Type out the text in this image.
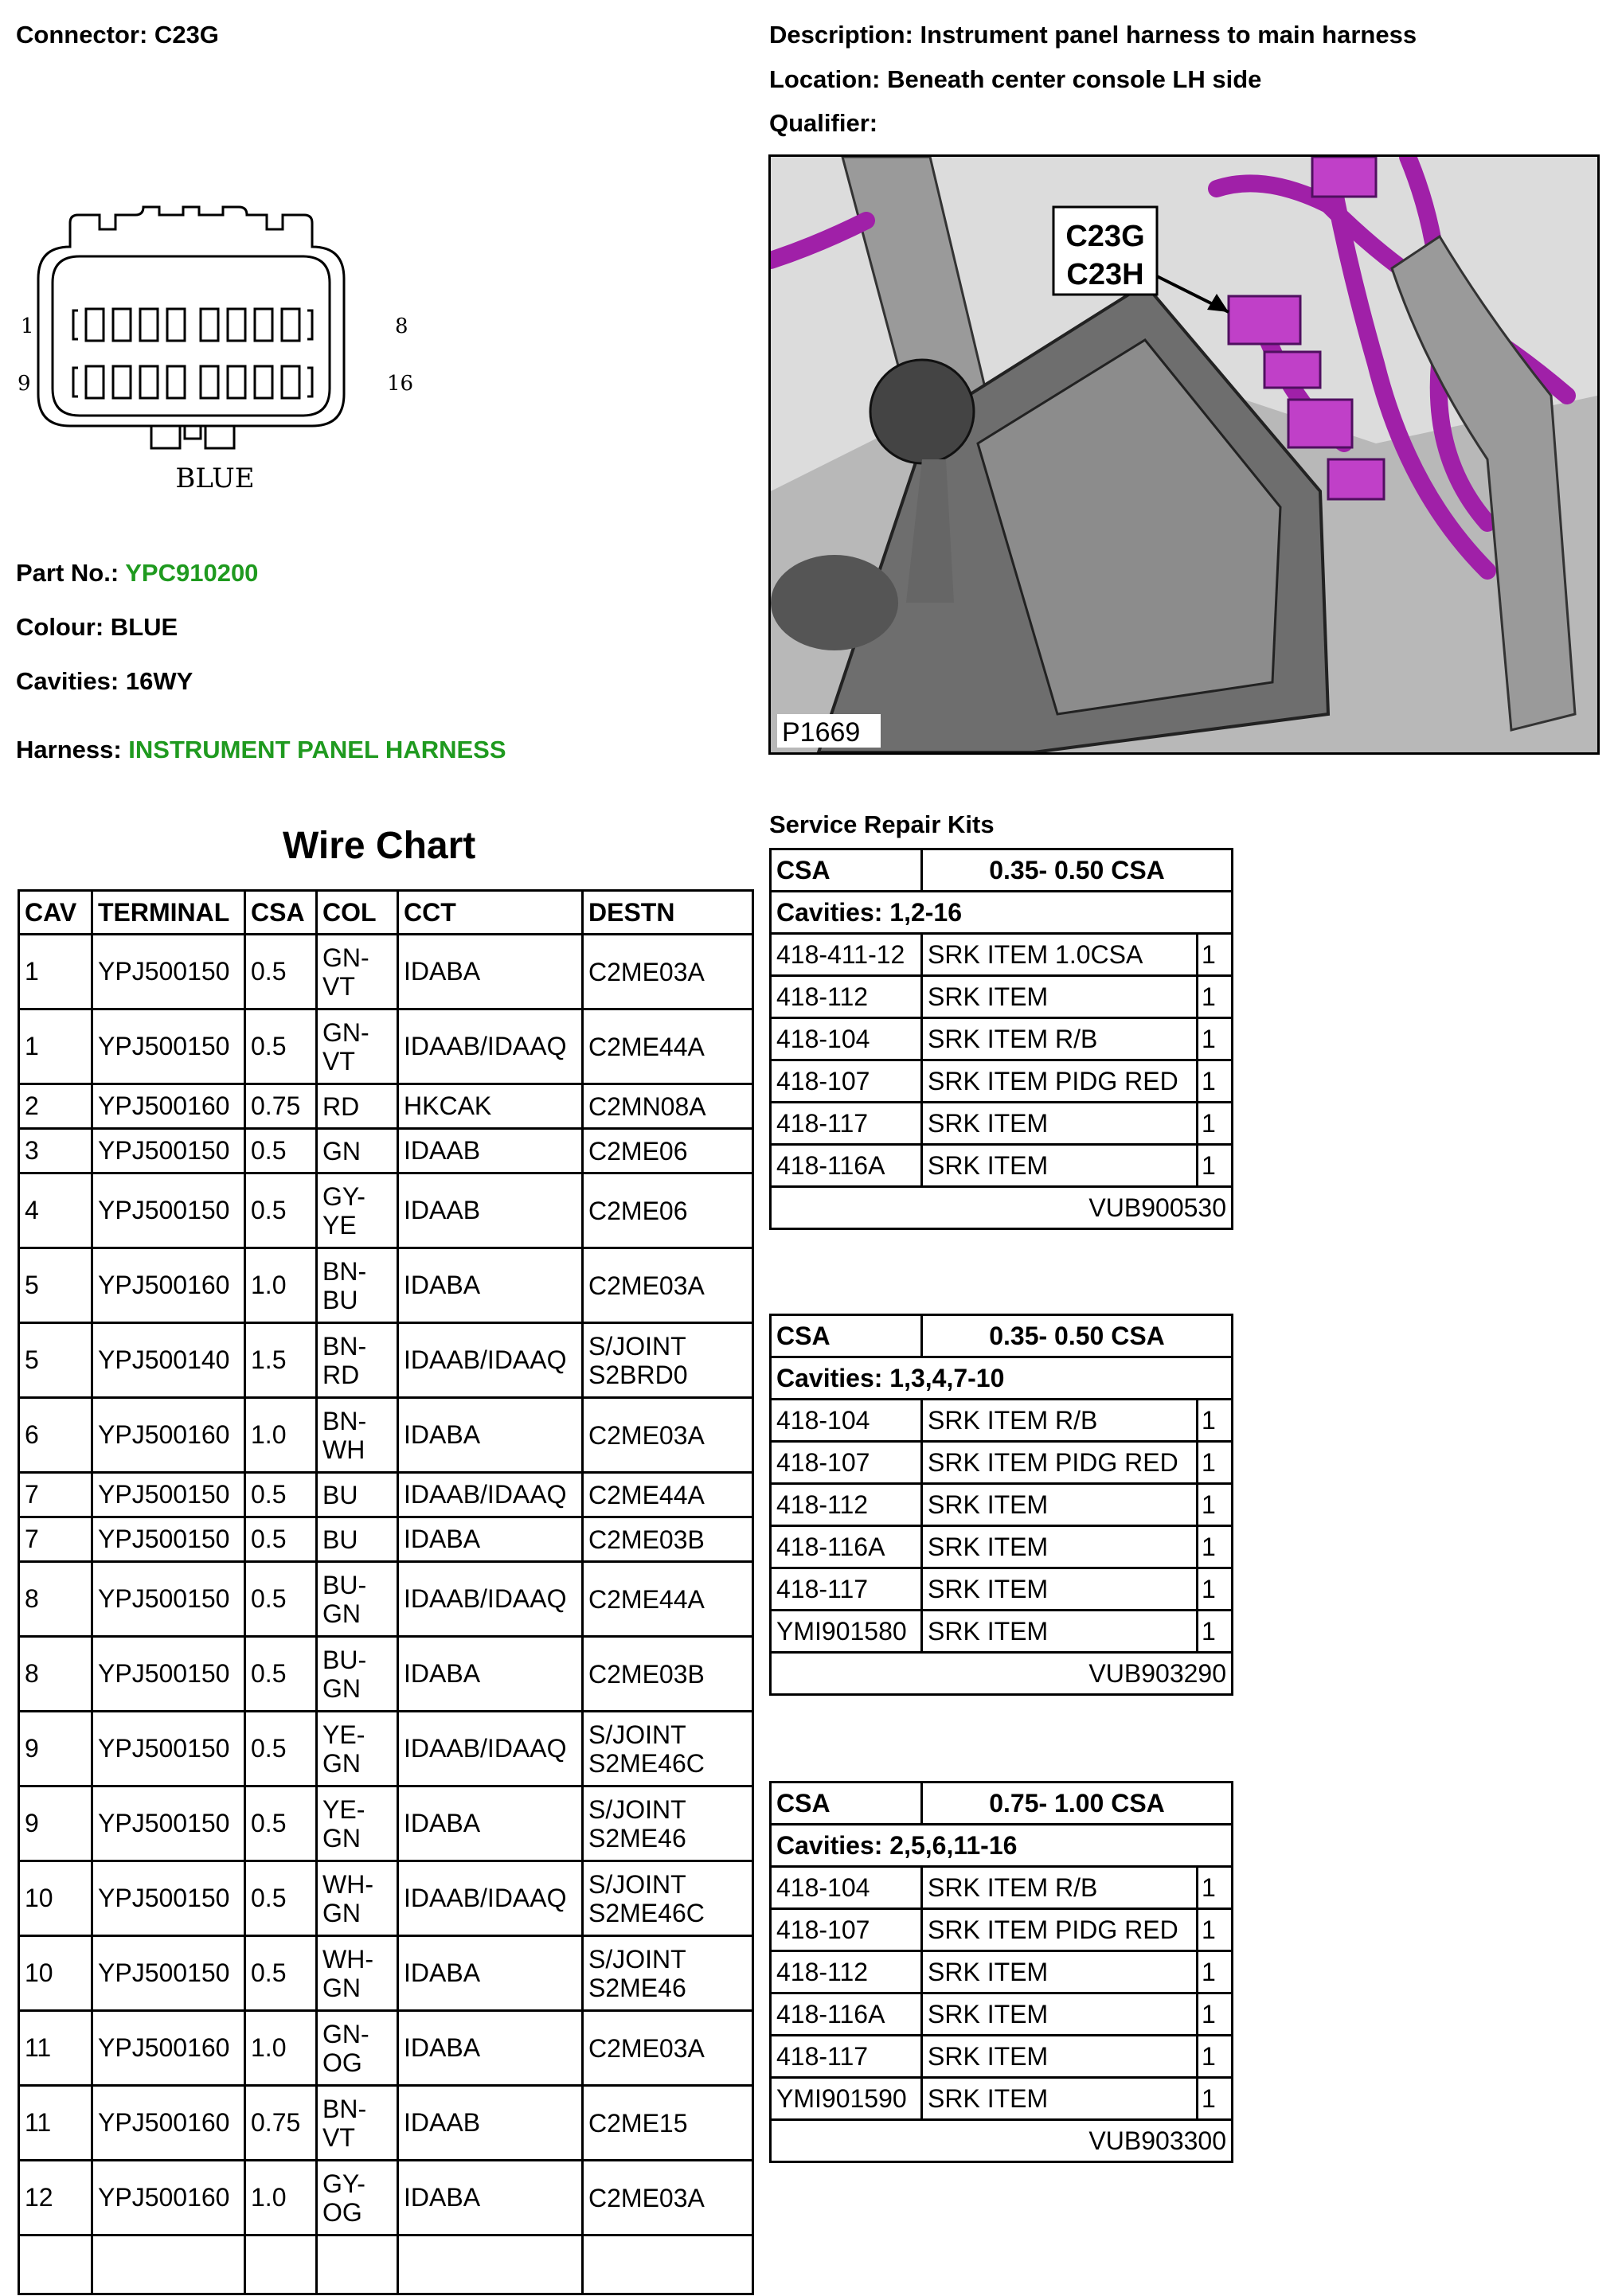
Connector: C23G	Description: Instrument panel harness to main harness
Location: Beneath center console LH side
Qualifier:
1
9
8
16
BLUE
Part No.: YPC910200
Colour: BLUE
Cavities: 16WY
Harness: INSTRUMENT PANEL HARNESS
C23G
C23H
P1669
Wire Chart
CAV	TERMINAL	CSA	COL	CCT	DESTN
1	YPJ500150	0.5	GN-VT	IDABA	C2ME03A
1	YPJ500150	0.5	GN-VT	IDAAB/IDAAQ	C2ME44A
2	YPJ500160	0.75	RD	HKCAK	C2MN08A
3	YPJ500150	0.5	GN	IDAAB	C2ME06
4	YPJ500150	0.5	GY-YE	IDAAB	C2ME06
5	YPJ500160	1.0	BN-BU	IDABA	C2ME03A
5	YPJ500140	1.5	BN-RD	IDAAB/IDAAQ	S/JOINT S2BRD0
6	YPJ500160	1.0	BN-WH	IDABA	C2ME03A
7	YPJ500150	0.5	BU	IDAAB/IDAAQ	C2ME44A
7	YPJ500150	0.5	BU	IDABA	C2ME03B
8	YPJ500150	0.5	BU-GN	IDAAB/IDAAQ	C2ME44A
8	YPJ500150	0.5	BU-GN	IDABA	C2ME03B
9	YPJ500150	0.5	YE-GN	IDAAB/IDAAQ	S/JOINT S2ME46C
9	YPJ500150	0.5	YE-GN	IDABA	S/JOINT S2ME46
10	YPJ500150	0.5	WH-GN	IDAAB/IDAAQ	S/JOINT S2ME46C
10	YPJ500150	0.5	WH-GN	IDABA	S/JOINT S2ME46
11	YPJ500160	1.0	GN-OG	IDABA	C2ME03A
11	YPJ500160	0.75	BN-VT	IDAAB	C2ME15
12	YPJ500160	1.0	GY-OG	IDABA	C2ME03A

Service Repair Kits
CSA	0.35- 0.50 CSA	
Cavities: 1,2-16		
418-411-12	SRK ITEM 1.0CSA	1
418-112	SRK ITEM	1
418-104	SRK ITEM R/B	1
418-107	SRK ITEM PIDG RED	1
418-117	SRK ITEM	1
418-116A	SRK ITEM	1
VUB900530		
CSA	0.35- 0.50 CSA	
Cavities: 1,3,4,7-10		
418-104	SRK ITEM R/B	1
418-107	SRK ITEM PIDG RED	1
418-112	SRK ITEM	1
418-116A	SRK ITEM	1
418-117	SRK ITEM	1
YMI901580	SRK ITEM	1
VUB903290		
CSA	0.75- 1.00 CSA	
Cavities: 2,5,6,11-16		
418-104	SRK ITEM R/B	1
418-107	SRK ITEM PIDG RED	1
418-112	SRK ITEM	1
418-116A	SRK ITEM	1
418-117	SRK ITEM	1
YMI901590	SRK ITEM	1
VUB903300		
